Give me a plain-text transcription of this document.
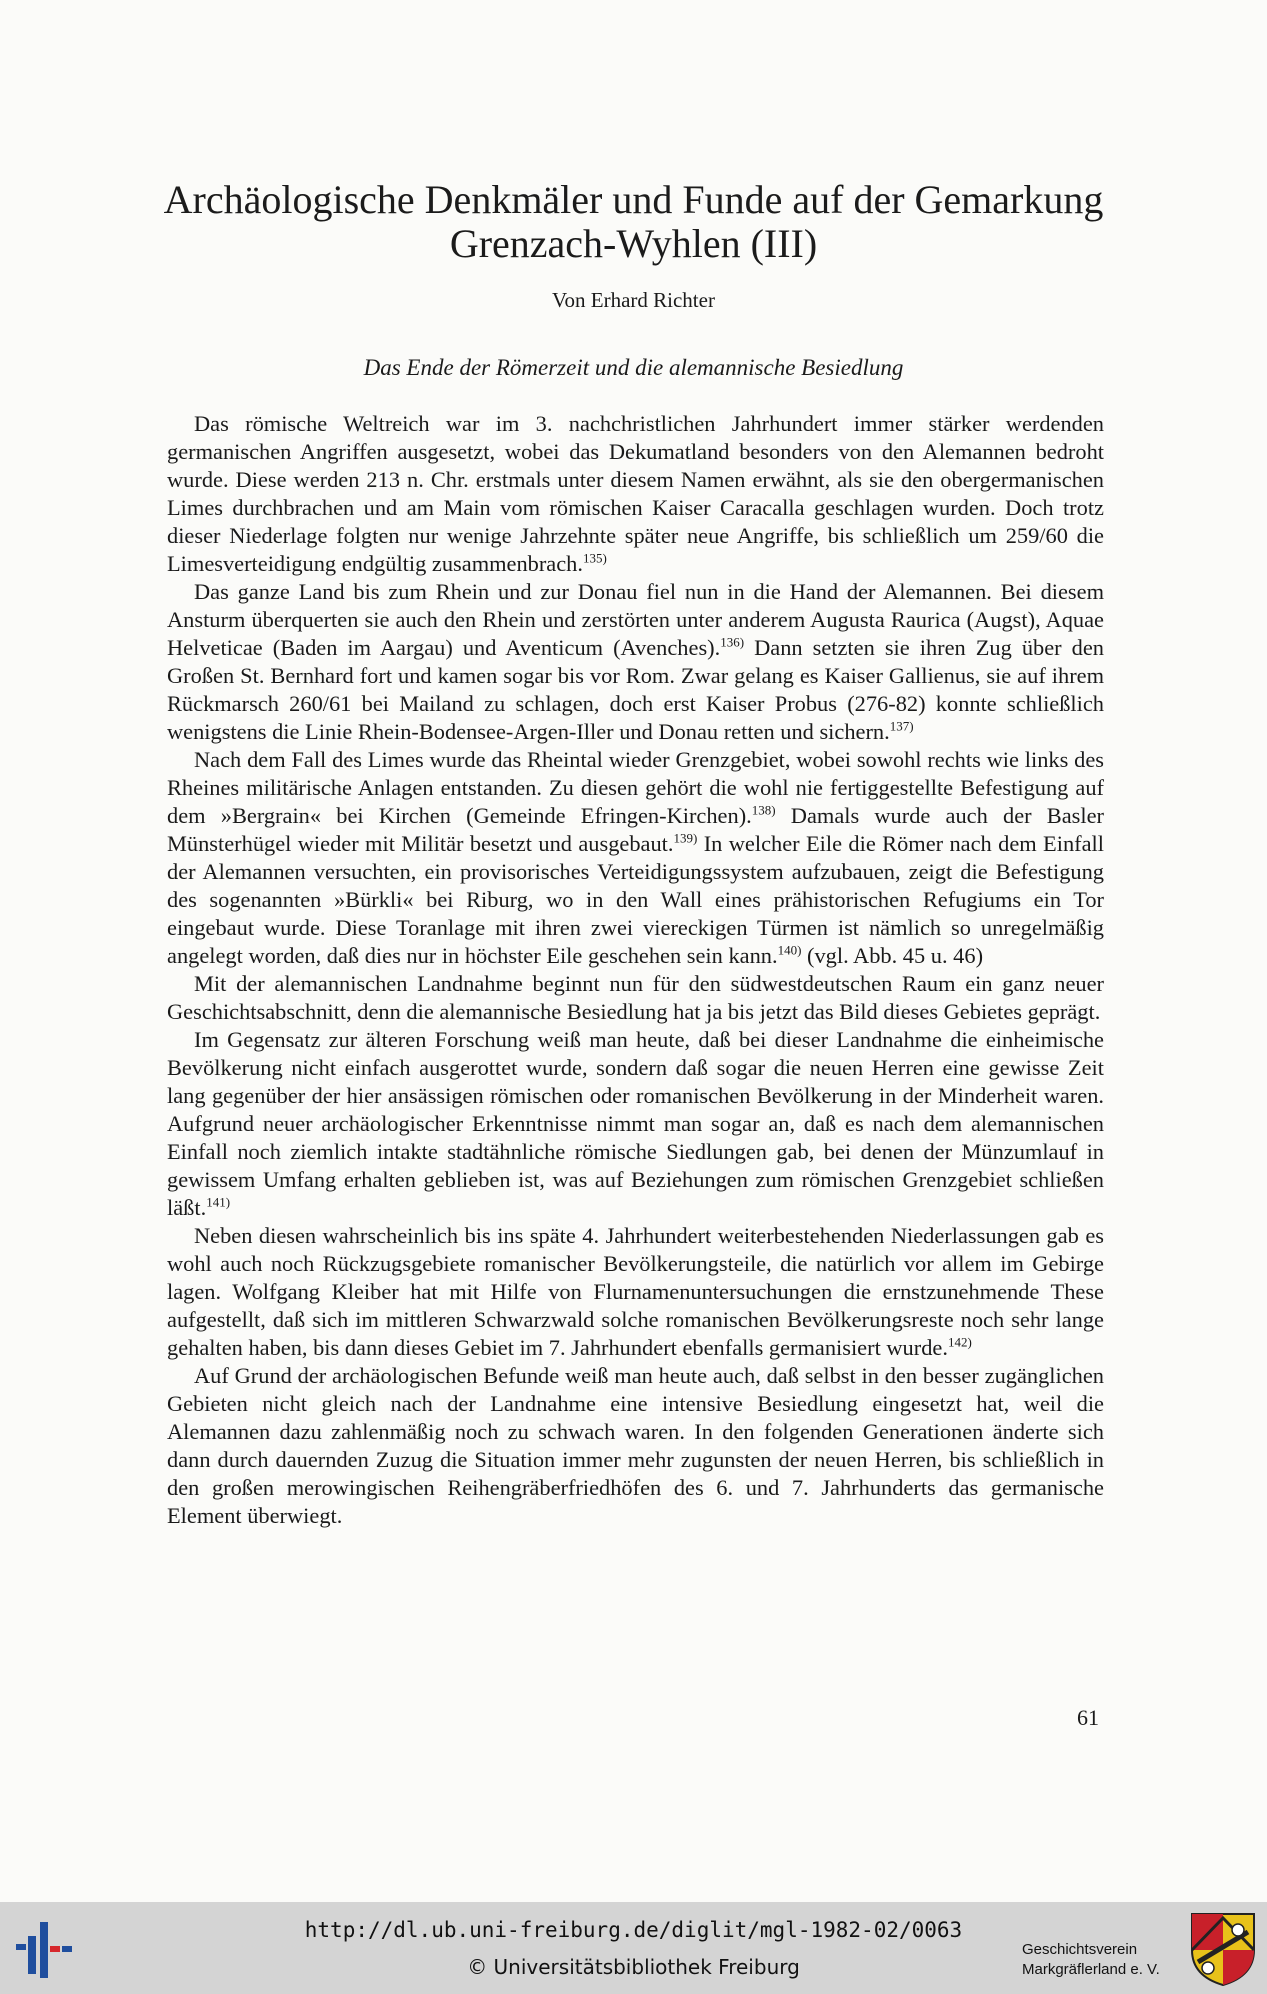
Archäologische Denkmäler und Funde auf der Gemarkung
Grenzach-Wyhlen (III)
Von Erhard Richter
Das Ende der Römerzeit und die alemannische Besiedlung

Das römische Weltreich war im 3. nachchristlichen Jahrhundert immer stärker werdenden germanischen Angriffen ausgesetzt, wobei das Dekumatland besonders von den Alemannen bedroht wurde. Diese werden 213 n. Chr. erstmals unter diesem Namen erwähnt, als sie den obergermanischen Limes durchbrachen und am Main vom römischen Kaiser Caracalla geschlagen wurden. Doch trotz dieser Niederlage folgten nur wenige Jahrzehnte später neue Angriffe, bis schließlich um 259/60 die Limesverteidigung endgültig zusammenbrach.$^{135)}$

Das ganze Land bis zum Rhein und zur Donau fiel nun in die Hand der Alemannen. Bei diesem Ansturm überquerten sie auch den Rhein und zerstörten unter anderem Augusta Raurica (Augst), Aquae Helveticae (Baden im Aargau) und Aventicum (Avenches).$^{136)}$ Dann setzten sie ihren Zug über den Großen St. Bernhard fort und kamen sogar bis vor Rom. Zwar gelang es Kaiser Gallienus, sie auf ihrem Rückmarsch 260/61 bei Mailand zu schlagen, doch erst Kaiser Probus (276-82) konnte schließlich wenigstens die Linie Rhein-Bodensee-Argen-Iller und Donau retten und sichern.$^{137)}$

Nach dem Fall des Limes wurde das Rheintal wieder Grenzgebiet, wobei sowohl rechts wie links des Rheines militärische Anlagen entstanden. Zu diesen gehört die wohl nie fertiggestellte Befestigung auf dem »Bergrain« bei Kirchen (Gemeinde Efringen-Kirchen).$^{138)}$ Damals wurde auch der Basler Münsterhügel wieder mit Militär besetzt und ausgebaut.$^{139)}$ In welcher Eile die Römer nach dem Einfall der Alemannen versuchten, ein provisorisches Verteidigungssystem aufzubauen, zeigt die Befestigung des sogenannten »Bürkli« bei Riburg, wo in den Wall eines prähistorischen Refugiums ein Tor eingebaut wurde. Diese Toranlage mit ihren zwei viereckigen Türmen ist nämlich so unregelmäßig angelegt worden, daß dies nur in höchster Eile geschehen sein kann.$^{140)}$ (vgl. Abb. 45 u. 46)

Mit der alemannischen Landnahme beginnt nun für den südwestdeutschen Raum ein ganz neuer Geschichtsabschnitt, denn die alemannische Besiedlung hat ja bis jetzt das Bild dieses Gebietes geprägt.

Im Gegensatz zur älteren Forschung weiß man heute, daß bei dieser Landnahme die einheimische Bevölkerung nicht einfach ausgerottet wurde, sondern daß sogar die neuen Herren eine gewisse Zeit lang gegenüber der hier ansässigen römischen oder romanischen Bevölkerung in der Minderheit waren. Aufgrund neuer archäologischer Erkenntnisse nimmt man sogar an, daß es nach dem alemannischen Einfall noch ziemlich intakte stadtähnliche römische Siedlungen gab, bei denen der Münzumlauf in gewissem Umfang erhalten geblieben ist, was auf Beziehungen zum römischen Grenzgebiet schließen läßt.$^{141)}$

Neben diesen wahrscheinlich bis ins späte 4. Jahrhundert weiterbestehenden Niederlassungen gab es wohl auch noch Rückzugsgebiete romanischer Bevölkerungsteile, die natürlich vor allem im Gebirge lagen. Wolfgang Kleiber hat mit Hilfe von Flurnamenuntersuchungen die ernstzunehmende These aufgestellt, daß sich im mittleren Schwarzwald solche romanischen Bevölkerungsreste noch sehr lange gehalten haben, bis dann dieses Gebiet im 7. Jahrhundert ebenfalls germanisiert wurde.$^{142)}$

Auf Grund der archäologischen Befunde weiß man heute auch, daß selbst in den besser zugänglichen Gebieten nicht gleich nach der Landnahme eine intensive Besiedlung eingesetzt hat, weil die Alemannen dazu zahlenmäßig noch zu schwach waren. In den folgenden Generationen änderte sich dann durch dauernden Zuzug die Situation immer mehr zugunsten der neuen Herren, bis schließlich in den großen merowingischen Reihengräberfriedhöfen des 6. und 7. Jahrhunderts das germanische Element überwiegt.

61
http://dl.ub.uni-freiburg.de/diglit/mgl-1982-02/0063
© Universitätsbibliothek Freiburg
Geschichtsverein
Markgräflerland e. V.
